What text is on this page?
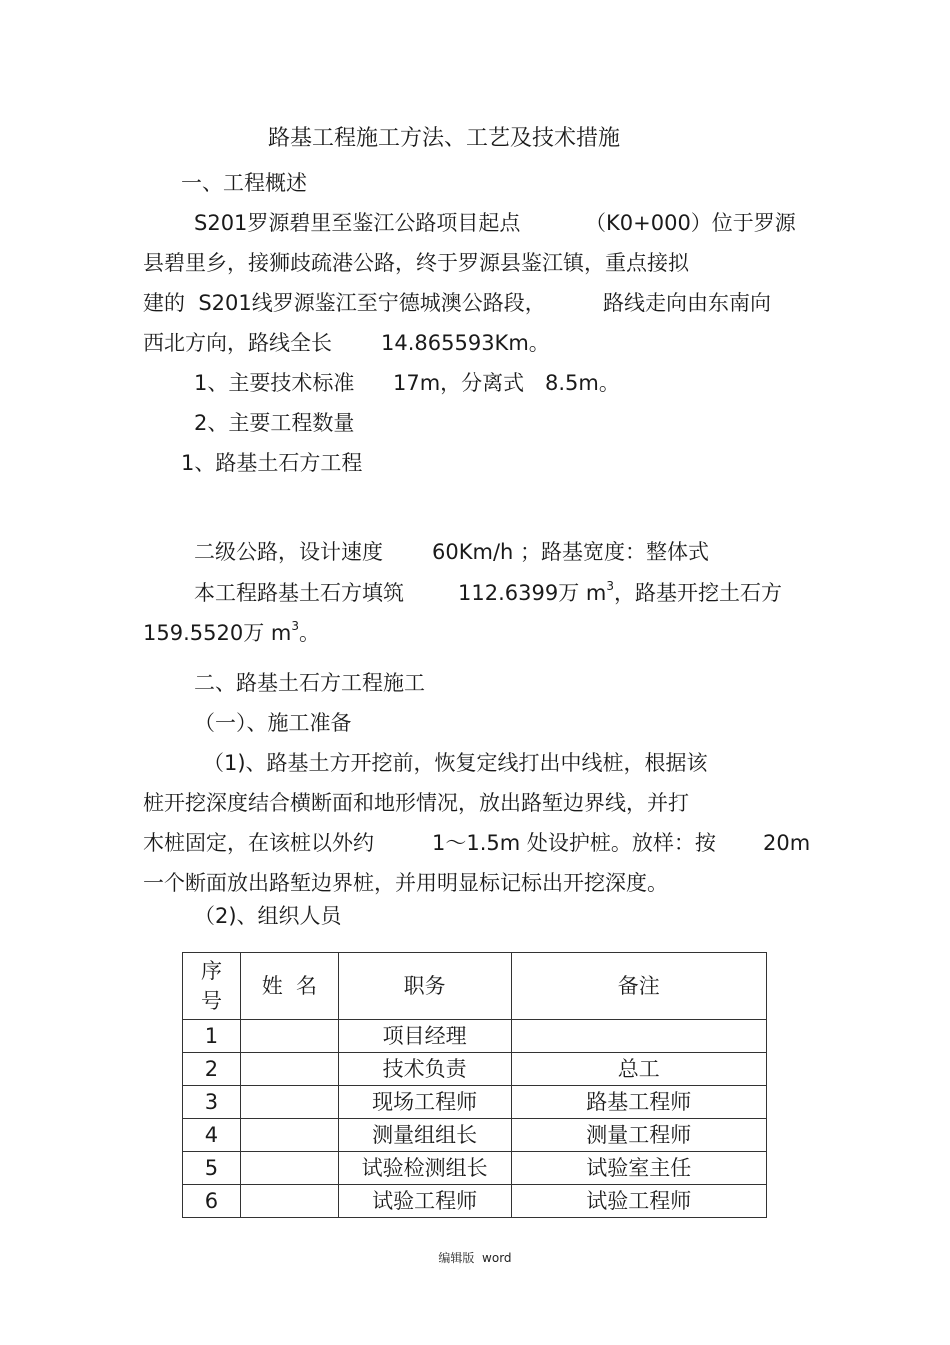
路基工程施工方法、工艺及技术措施
一、工程概述
S201罗源碧里至鉴江公路项目起点	（K0+000）位于罗源
县碧里乡，接狮歧疏港公路，终于罗源县鉴江镇，重点接拟
建的  S201线罗源鉴江至宁德城澳公路段，	路线走向由东南向
西北方向，路线全长 14.865593Km。
1、主要技术标准 17m，分离式 8.5m。
2、主要工程数量
1、路基土石方工程
二级公路，设计速度 60Km/h ；路基宽度：整体式
本工程路基土石方填筑	112.6399万 $m^3$，路基开挖土石方
159.5520万 $m^3$。
二、路基土石方工程施工
（一）、施工准备
（1)、路基土方开挖前，恢复定线打出中线桩，根据该
桩开挖深度结合横断面和地形情况，放出路堑边界线，并打
木桩固定，在该桩以外约	1～1.5m 处设护桩。放样：按 20m
一个断面放出路堑边界桩，并用明显标记标出开挖深度。
（2)、组织人员
序
号	姓  名	职务	备注
1		项目经理	
2		技术负责	总工
3		现场工程师	路基工程师
4		测量组组长	测量工程师
5		试验检测组长	试验室主任
6		试验工程师	试验工程师
编辑版  word
